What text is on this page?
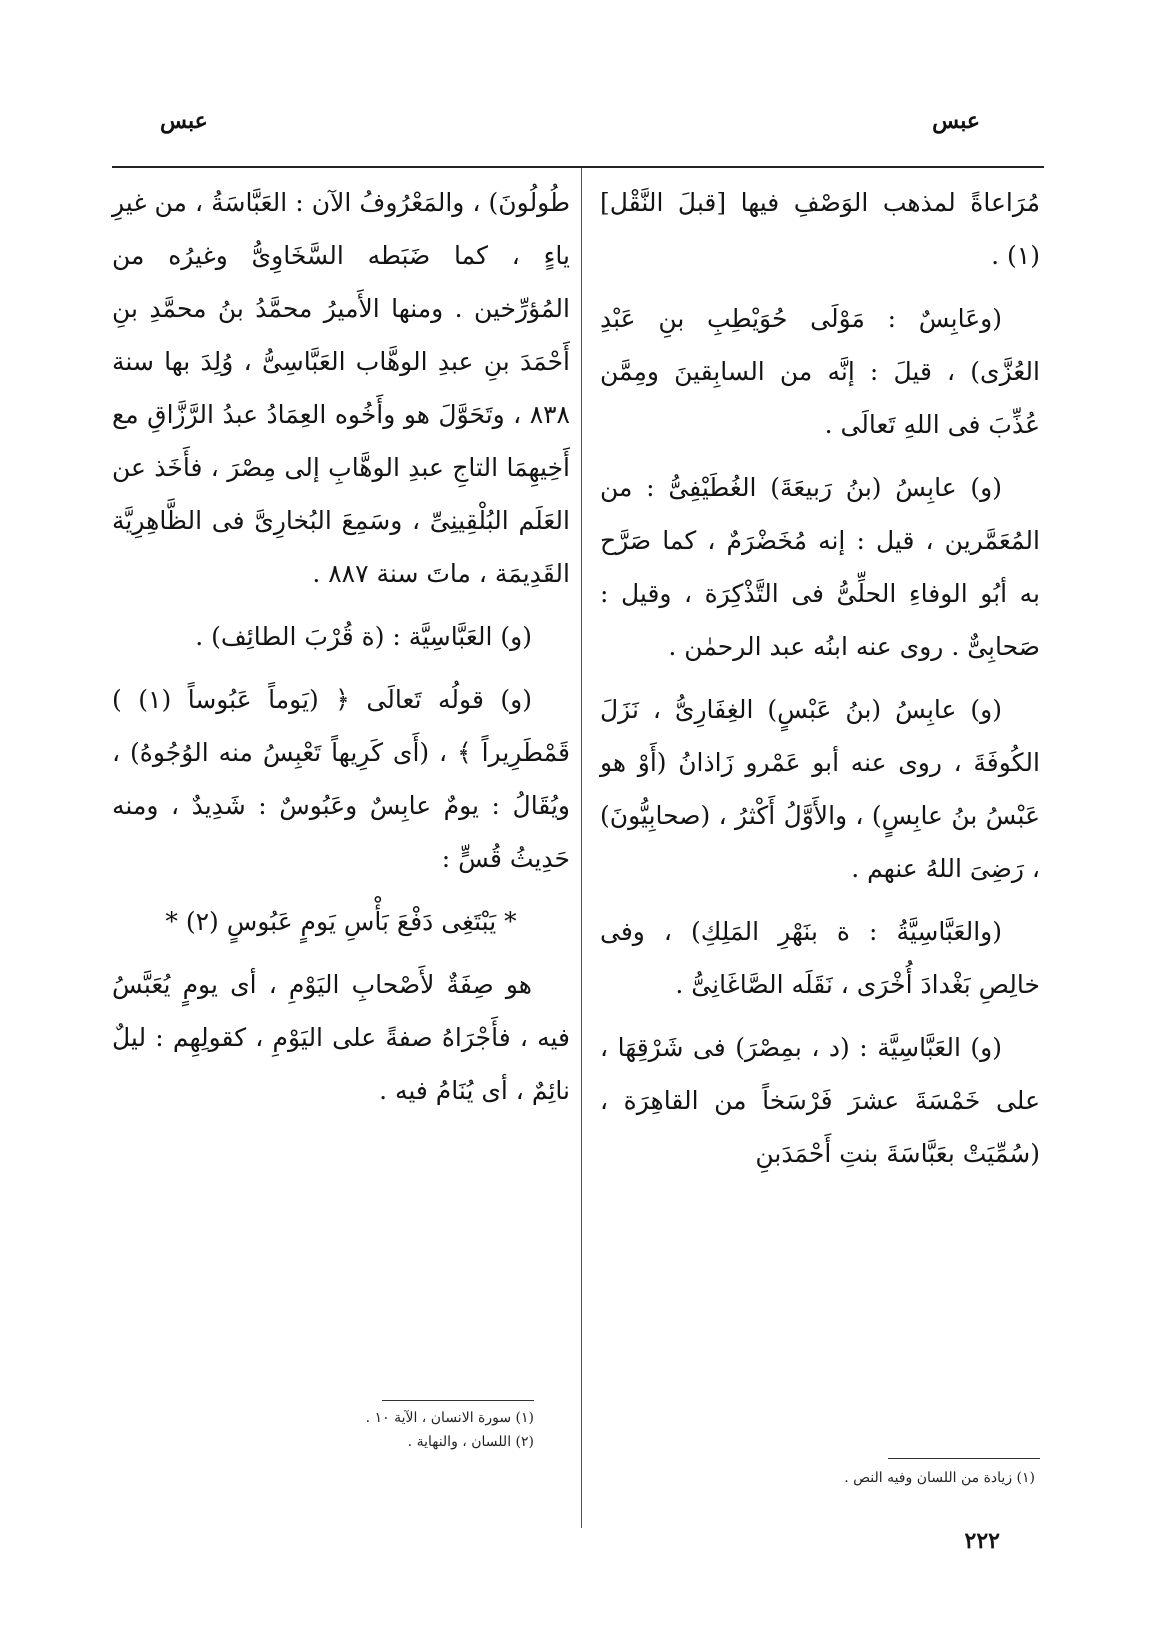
عبس
عبس

مُرَاعاةً لمذهب الوَصْفِ فيها [قبلَ النَّقْل] (١) .

(وعَابِسٌ : مَوْلَى حُوَيْطِبِ بنِ عَبْدِ العُزَّى) ، قيلَ : إنَّه من السابِقينَ ومِمَّن عُذِّبَ فى اللهِ تَعالَى .

(و) عابِسُ (بنُ رَبيعَةَ) الغُطَيْفِىُّ : من المُعَمَّرين ، قيل : إنه مُخَضْرَمٌ ، كما صَرَّح به أبُو الوفاءِ الحلِّىُّ فى التَّذْكِرَة ، وقيل : صَحابِىٌّ . روى عنه ابنُه عبد الرحمٰن .

(و) عابِسُ (بنُ عَبْسٍ) الغِفَارِىُّ ، نَزَلَ الكُوفَةَ ، روى عنه أبو عَمْرو زَاذانُ (أَوْ هو عَبْسُ بنُ عابِسٍ) ، والأَوَّلُ أَكْثرُ ، (صحابِيُّونَ) ، رَضِىَ اللهُ عنهم .

(والعَبَّاسِيَّةُ : ة بنَهْرِ المَلِكِ) ، وفى خالِصِ بَغْدادَ أُخْرَى ، نَقَلَه الصَّاغَانِىُّ .

(و) العَبَّاسِيَّة : (د ، بمِصْرَ) فى شَرْقِهَا ، على خَمْسَةَ عشرَ فَرْسَخاً من القاهِرَة ، (سُمِّيَتْ بعَبَّاسَةَ بنتِ أَحْمَدَبنِ

طُولُونَ) ، والمَعْرُوفُ الآن : العَبَّاسَةُ ، من غيرِ ياءٍ ، كما ضَبَطه السَّخَاوِىُّ وغيرُه من المُؤرِّخين . ومنها الأَميرُ محمَّدُ بنُ محمَّدِ بنِ أَحْمَدَ بنِ عبدِ الوهَّاب العَبَّاسِىُّ ، وُلِدَ بها سنة ٨٣٨ ، وتَحَوَّلَ هو وأَخُوه العِمَادُ عبدُ الرَّزَّاقِ مع أَخِيهِمَا التاجِ عبدِ الوهَّابِ إلى مِصْرَ ، فأَخَذ عن العَلَم البُلْقِينِىِّ ، وسَمِعَ البُخارِىَّ فى الظَّاهِرِيَّة القَدِيمَة ، ماتَ سنة ٨٨٧ .

(و) العَبَّاسِيَّة : (ة قُرْبَ الطائِف) .

(و) قولُه تَعالَى ﴿ (يَوماً عَبُوساً (١) ) قَمْطَرِيراً ﴾ ، (أَى كَرِيهاً تَعْبِسُ منه الوُجُوهُ) ، ويُقَالُ : يومٌ عابِسٌ وعَبُوسٌ : شَدِيدٌ ، ومنه حَدِيثُ قُسٍّ :

* يَبْتَغِى دَفْعَ بَأْسِ يَومٍ عَبُوسٍ (٢) *

هو صِفَةٌ لأَصْحابِ اليَوْمِ ، أى يومٍ يُعَبَّسُ فيه ، فأَجْرَاهُ صفةً على اليَوْمِ ، كقولِهِم : ليلٌ نائِمٌ ، أى يُنَامُ فيه .

(١) سورة الانسان ، الآية ١٠ .
(٢) اللسان ، والنهاية .
(١) زيادة من اللسان وفيه النص .
٢٢٢
